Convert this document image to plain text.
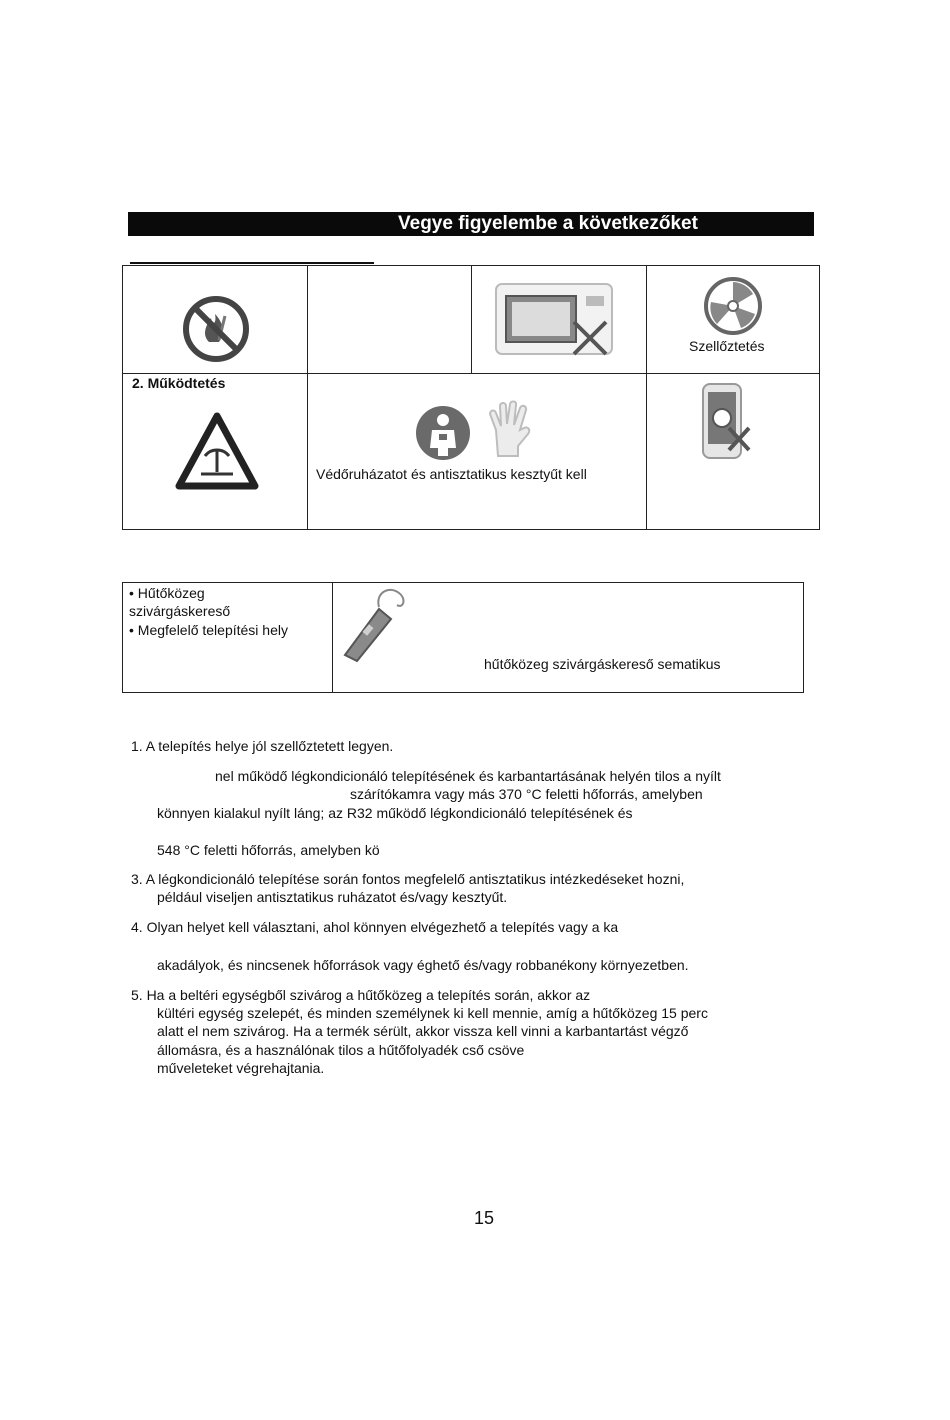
Vegye figyelembe a következőket
Szellőztetés
2. Működtetés
Védőruházatot és antisztatikus kesztyűt kell
• Hűtőközeg
szivárgáskereső
• Megfelelő telepítési hely
hűtőközeg szivárgáskereső sematikus
1. A telepítés helye jól szellőztetett legyen.
nel működő légkondicionáló telepítésének és karbantartásának helyén tilos a nyílt
szárítókamra vagy más 370 °C feletti hőforrás, amelyben
könnyen kialakul nyílt láng; az R32 működő légkondicionáló telepítésének és
548 °C feletti hőforrás, amelyben kö
3. A légkondicionáló telepítése során fontos megfelelő antisztatikus intézkedéseket hozni,
például viseljen antisztatikus ruházatot és/vagy kesztyűt.
4. Olyan helyet kell választani, ahol könnyen elvégezhető a telepítés vagy a ka
akadályok, és nincsenek hőforrások vagy éghető és/vagy robbanékony környezetben.
5. Ha a beltéri egységből szivárog a hűtőközeg a telepítés során, akkor az
kültéri egység szelepét, és minden személynek ki kell mennie, amíg a hűtőközeg 15 perc
alatt el nem szivárog. Ha a termék sérült, akkor vissza kell vinni a karbantartást végző
állomásra, és a használónak tilos a hűtőfolyadék cső csöve
műveleteket végrehajtania.
15
